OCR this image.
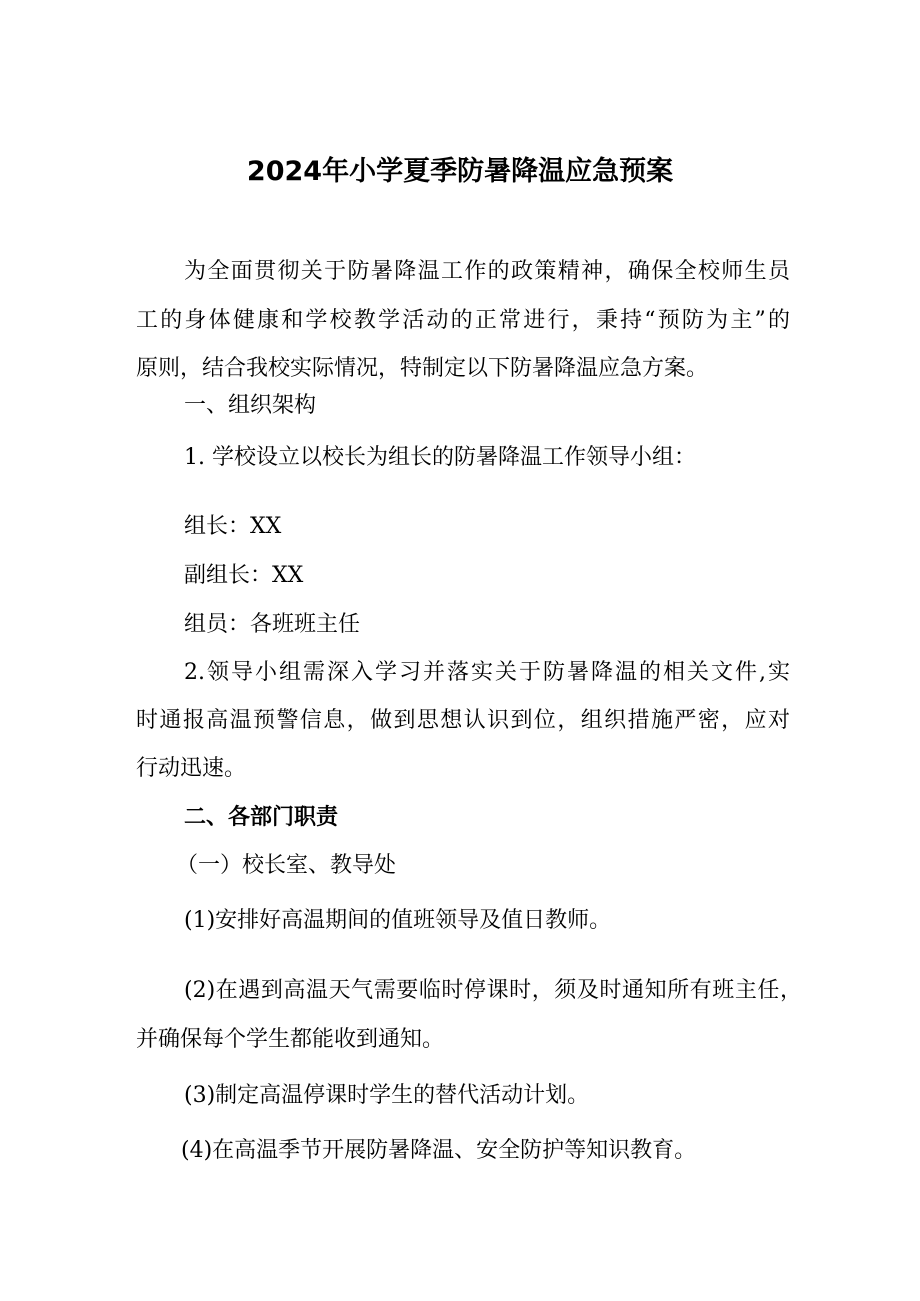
2024年小学夏季防暑降温应急预案
为全面贯彻关于防暑降温工作的政策精神，确保全校师生员
工的身体健康和学校教学活动的正常进行，秉持“预防为主”的
原则，结合我校实际情况，特制定以下防暑降温应急方案。
一、组织架构
1. 学校设立以校长为组长的防暑降温工作领导小组：
组长：XX
副组长：XX
组员：各班班主任
2.领导小组需深入学习并落实关于防暑降温的相关文件,实
时通报高温预警信息，做到思想认识到位，组织措施严密，应对
行动迅速。
二、各部门职责
（一）校长室、教导处
(1)安排好高温期间的值班领导及值日教师。
(2)在遇到高温天气需要临时停课时，须及时通知所有班主任，
并确保每个学生都能收到通知。
(3)制定高温停课时学生的替代活动计划。
(4)在高温季节开展防暑降温、安全防护等知识教育。
